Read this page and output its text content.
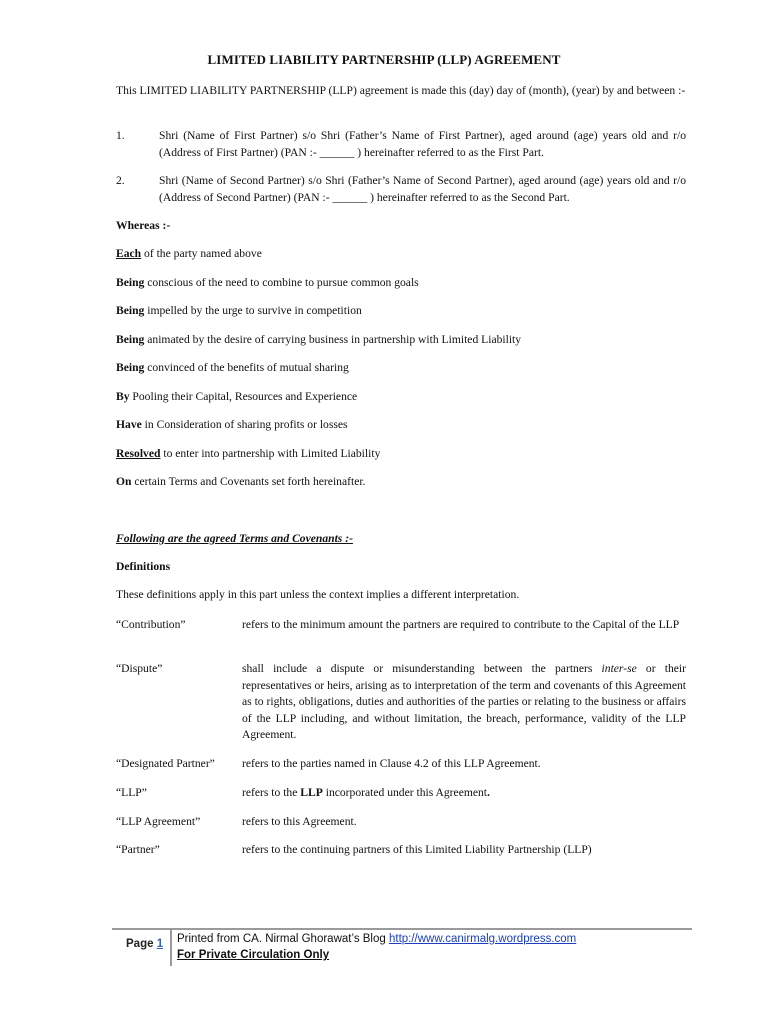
LIMITED LIABILITY PARTNERSHIP (LLP) AGREEMENT
This LIMITED LIABILITY PARTNERSHIP (LLP) agreement is made this (day) day of (month), (year) by and between :-
1.	Shri (Name of First Partner) s/o Shri (Father’s Name of First Partner), aged around (age) years old and r/o (Address of First Partner) (PAN :- ______ ) hereinafter referred to as the First Part.
2.	Shri (Name of Second Partner) s/o Shri (Father’s Name of Second Partner), aged around (age) years old and r/o (Address of Second Partner) (PAN :- ______ ) hereinafter referred to as the Second Part.
Whereas :-
Each of the party named above
Being conscious of the need to combine to pursue common goals
Being impelled by the urge to survive in competition
Being animated by the desire of carrying business in partnership with Limited Liability
Being convinced of the benefits of mutual sharing
By Pooling their Capital, Resources and Experience
Have in Consideration of sharing profits or losses
Resolved to enter into partnership with Limited Liability
On certain Terms and Covenants set forth hereinafter.
Following are the agreed Terms and Covenants :-
Definitions
These definitions apply in this part unless the context implies a different interpretation.
“Contribution”	refers to the minimum amount the partners are required to contribute to the Capital of the LLP
“Dispute”	shall include a dispute or misunderstanding between the partners inter-se or their representatives or heirs, arising as to interpretation of the term and covenants of this Agreement as to rights, obligations, duties and authorities of the parties or relating to the business or affairs of the LLP including, and without limitation, the breach, performance, validity of the LLP Agreement.
“Designated Partner”	refers to the parties named in Clause 4.2 of this LLP Agreement.
“LLP”	refers to the LLP incorporated under this Agreement.
“LLP Agreement”	refers to this Agreement.
“Partner”	refers to the continuing partners of this Limited Liability Partnership (LLP)
Page 1 Printed from CA. Nirmal Ghorawat’s Blog http://www.canirmalg.wordpress.com
For Private Circulation Only
